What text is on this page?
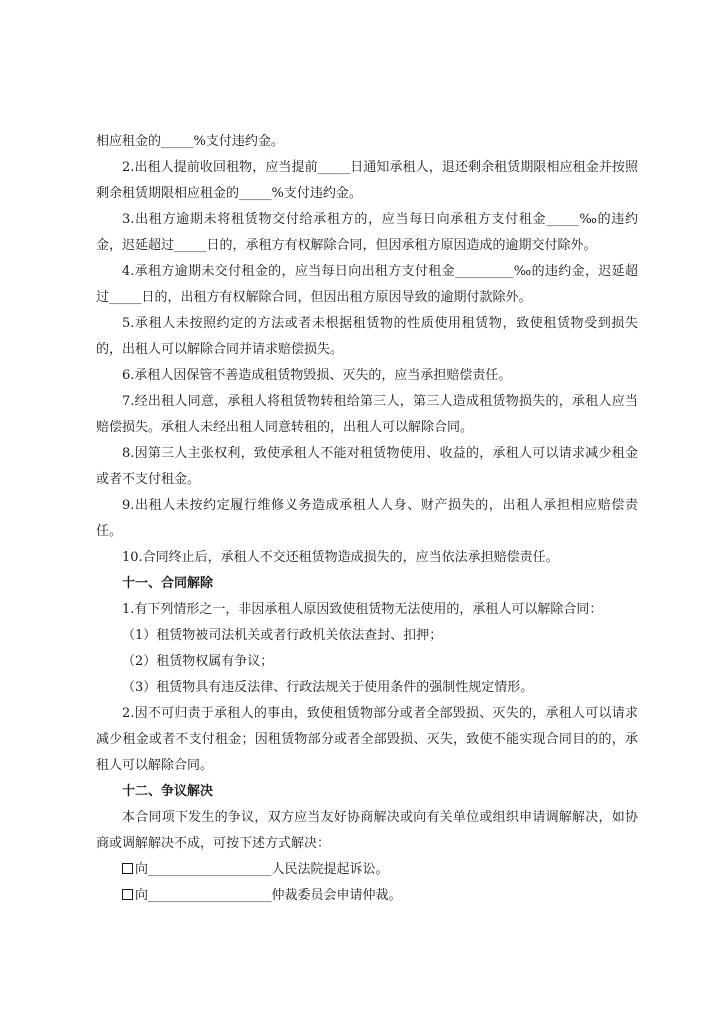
相应租金的_____%支付违约金。

2.出租人提前收回租物，应当提前_____日通知承租人，退还剩余租赁期限相应租金并按照剩余租赁期限相应租金的_____%支付违约金。

3.出租方逾期未将租赁物交付给承租方的，应当每日向承租方支付租金_____‰的违约金，迟延超过_____日的，承租方有权解除合同，但因承租方原因造成的逾期交付除外。

4.承租方逾期未交付租金的，应当每日向出租方支付租金_________‰的违约金，迟延超过_____日的，出租方有权解除合同，但因出租方原因导致的逾期付款除外。

5.承租人未按照约定的方法或者未根据租赁物的性质使用租赁物，致使租赁物受到损失的，出租人可以解除合同并请求赔偿损失。

6.承租人因保管不善造成租赁物毁损、灭失的，应当承担赔偿责任。

7.经出租人同意，承租人将租赁物转租给第三人，第三人造成租赁物损失的，承租人应当赔偿损失。承租人未经出租人同意转租的，出租人可以解除合同。

8.因第三人主张权利，致使承租人不能对租赁物使用、收益的，承租人可以请求减少租金或者不支付租金。

9.出租人未按约定履行维修义务造成承租人人身、财产损失的，出租人承担相应赔偿责任。

10.合同终止后，承租人不交还租赁物造成损失的，应当依法承担赔偿责任。

十一、合同解除

1.有下列情形之一，非因承租人原因致使租赁物无法使用的，承租人可以解除合同：

（1）租赁物被司法机关或者行政机关依法查封、扣押；

（2）租赁物权属有争议；

（3）租赁物具有违反法律、行政法规关于使用条件的强制性规定情形。

2.因不可归责于承租人的事由，致使租赁物部分或者全部毁损、灭失的，承租人可以请求减少租金或者不支付租金；因租赁物部分或者全部毁损、灭失，致使不能实现合同目的的，承租人可以解除合同。

十二、争议解决

本合同项下发生的争议，双方应当友好协商解决或向有关单位或组织申请调解解决，如协商或调解解决不成，可按下述方式解决：

向___________________人民法院提起诉讼。

向___________________仲裁委员会申请仲裁。
